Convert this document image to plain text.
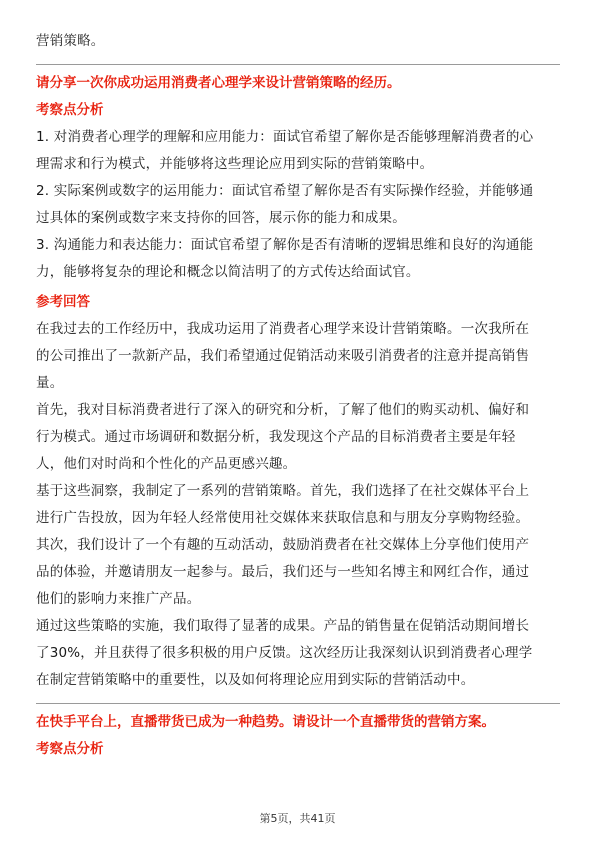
营销策略。

请分享一次你成功运用消费者心理学来设计营销策略的经历。

考察点分析

1. 对消费者心理学的理解和应用能力：面试官希望了解你是否能够理解消费者的心

理需求和行为模式，并能够将这些理论应用到实际的营销策略中。

2. 实际案例或数字的运用能力：面试官希望了解你是否有实际操作经验，并能够通

过具体的案例或数字来支持你的回答，展示你的能力和成果。

3. 沟通能力和表达能力：面试官希望了解你是否有清晰的逻辑思维和良好的沟通能

力，能够将复杂的理论和概念以简洁明了的方式传达给面试官。

参考回答

在我过去的工作经历中，我成功运用了消费者心理学来设计营销策略。一次我所在

的公司推出了一款新产品，我们希望通过促销活动来吸引消费者的注意并提高销售

量。

首先，我对目标消费者进行了深入的研究和分析，了解了他们的购买动机、偏好和

行为模式。通过市场调研和数据分析，我发现这个产品的目标消费者主要是年轻

人，他们对时尚和个性化的产品更感兴趣。

基于这些洞察，我制定了一系列的营销策略。首先，我们选择了在社交媒体平台上

进行广告投放，因为年轻人经常使用社交媒体来获取信息和与朋友分享购物经验。

其次，我们设计了一个有趣的互动活动，鼓励消费者在社交媒体上分享他们使用产

品的体验，并邀请朋友一起参与。最后，我们还与一些知名博主和网红合作，通过

他们的影响力来推广产品。

通过这些策略的实施，我们取得了显著的成果。产品的销售量在促销活动期间增长

了30%，并且获得了很多积极的用户反馈。这次经历让我深刻认识到消费者心理学

在制定营销策略中的重要性，以及如何将理论应用到实际的营销活动中。

在快手平台上，直播带货已成为一种趋势。请设计一个直播带货的营销方案。

考察点分析

第5页，共41页
